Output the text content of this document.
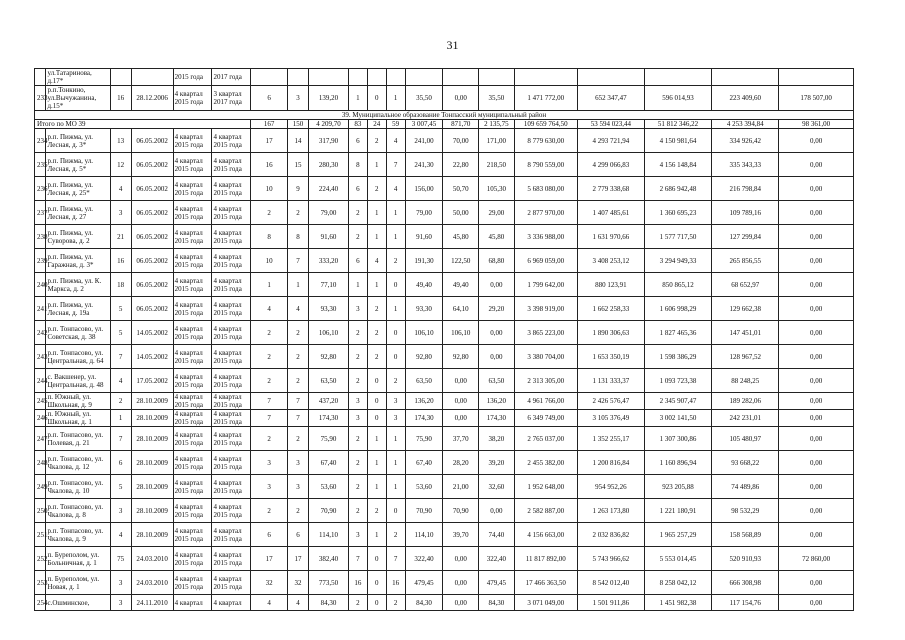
31
	ул.Татаринова, д.17*			2015 года	2017 года														
233	р.п.Тонкино, ул.Вычужанина, д.15*	16	28.12.2006	4 квартал 2015 года	3 квартал 2017 года	6	3	139,20	1	0	1	35,50	0,00	35,50	1 471 772,00	652 347,47	596 014,93	223 409,60	178 507,00
39. Муниципальное образование Тонпасский муниципальный район																			
Итого по МО 39						167	150	4 209,70	83	24	59	3 007,45	871,70	2 135,75	109 659 764,50	53 594 023,44	51 812 346,22	4 253 394,84	98 361,00
234	р.п. Пижма, ул. Лесная, д. 3*	13	06.05.2002	4 квартал 2015 года	4 квартал 2015 года	17	14	317,90	6	2	4	241,00	70,00	171,00	8 779 630,00	4 293 721,94	4 150 981,64	334 926,42	0,00
235	р.п. Пижма, ул. Лесная, д. 5*	12	06.05.2002	4 квартал 2015 года	4 квартал 2015 года	16	15	280,30	8	1	7	241,30	22,80	218,50	8 790 559,00	4 299 066,83	4 156 148,84	335 343,33	0,00
236	р.п. Пижма, ул. Лесная, д. 25*	4	06.05.2002	4 квартал 2015 года	4 квартал 2015 года	10	9	224,40	6	2	4	156,00	50,70	105,30	5 683 080,00	2 779 338,68	2 686 942,48	216 798,84	0,00
237	р.п. Пижма, ул. Лесная, д. 27	3	06.05.2002	4 квартал 2015 года	4 квартал 2015 года	2	2	79,00	2	1	1	79,00	50,00	29,00	2 877 970,00	1 407 485,61	1 360 695,23	109 789,16	0,00
238	р.п. Пижма, ул. Суворова, д. 2	21	06.05.2002	4 квартал 2015 года	4 квартал 2015 года	8	8	91,60	2	1	1	91,60	45,80	45,80	3 336 988,00	1 631 970,66	1 577 717,50	127 299,84	0,00
239	р.п. Пижма, ул. Гаражная, д. 3*	16	06.05.2002	4 квартал 2015 года	4 квартал 2015 года	10	7	333,20	6	4	2	191,30	122,50	68,80	6 969 059,00	3 408 253,12	3 294 949,33	265 856,55	0,00
240	р.п. Пижма, ул. К. Маркса, д. 2	18	06.05.2002	4 квартал 2015 года	4 квартал 2015 года	1	1	77,10	1	1	0	49,40	49,40	0,00	1 799 642,00	880 123,91	850 865,12	68 652,97	0,00
241	р.п. Пижма, ул. Лесная, д. 19а	5	06.05.2002	4 квартал 2015 года	4 квартал 2015 года	4	4	93,30	3	2	1	93,30	64,10	29,20	3 398 919,00	1 662 258,33	1 606 998,29	129 662,38	0,00
242	р.п. Тонпасово, ул. Советская, д. 38	5	14.05.2002	4 квартал 2015 года	4 квартал 2015 года	2	2	106,10	2	2	0	106,10	106,10	0,00	3 865 223,00	1 890 306,63	1 827 465,36	147 451,01	0,00
243	р.п. Тонпасово, ул. Центральная, д. 64	7	14.05.2002	4 квартал 2015 года	4 квартал 2015 года	2	2	92,80	2	2	0	92,80	92,80	0,00	3 380 704,00	1 653 350,19	1 598 386,29	128 967,52	0,00
244	с. Вакшенер, ул. Центральная, д. 48	4	17.05.2002	4 квартал 2015 года	4 квартал 2015 года	2	2	63,50	2	0	2	63,50	0,00	63,50	2 313 305,00	1 131 333,37	1 093 723,38	88 248,25	0,00
245	п. Южный, ул. Школьная, д. 9	2	28.10.2009	4 квартал 2015 года	4 квартал 2015 года	7	7	437,20	3	0	3	136,20	0,00	136,20	4 961 766,00	2 426 576,47	2 345 907,47	189 282,06	0,00
246	п. Южный, ул. Школьная, д. 1	1	28.10.2009	4 квартал 2015 года	4 квартал 2015 года	7	7	174,30	3	0	3	174,30	0,00	174,30	6 349 749,00	3 105 376,49	3 002 141,50	242 231,01	0,00
247	р.п. Тонпасово, ул. Полевая, д. 21	7	28.10.2009	4 квартал 2015 года	4 квартал 2015 года	2	2	75,90	2	1	1	75,90	37,70	38,20	2 765 037,00	1 352 255,17	1 307 300,86	105 480,97	0,00
248	р.п. Тонпасово, ул. Чкалова, д. 12	6	28.10.2009	4 квартал 2015 года	4 квартал 2015 года	3	3	67,40	2	1	1	67,40	28,20	39,20	2 455 382,00	1 200 816,84	1 160 896,94	93 668,22	0,00
249	р.п. Тонпасово, ул. Чкалова, д. 10	5	28.10.2009	4 квартал 2015 года	4 квартал 2015 года	3	3	53,60	2	1	1	53,60	21,00	32,60	1 952 648,00	954 952,26	923 205,88	74 489,86	0,00
250	р.п. Тонпасово, ул. Чкалова, д. 8	3	28.10.2009	4 квартал 2015 года	4 квартал 2015 года	2	2	70,90	2	2	0	70,90	70,90	0,00	2 582 887,00	1 263 173,80	1 221 180,91	98 532,29	0,00
251	р.п. Тонпасово, ул. Чкалова, д. 9	4	28.10.2009	4 квартал 2015 года	4 квартал 2015 года	6	6	114,10	3	1	2	114,10	39,70	74,40	4 156 663,00	2 032 836,82	1 965 257,29	158 568,89	0,00
252	п. Буреполом, ул. Больничная, д. 1	75	24.03.2010	4 квартал 2015 года	4 квартал 2015 года	17	17	382,40	7	0	7	322,40	0,00	322,40	11 817 892,00	5 743 966,62	5 553 014,45	520 910,93	72 860,00
253	п. Буреполом, ул. Новая, д. 1	3	24.03.2010	4 квартал 2015 года	4 квартал 2015 года	32	32	773,50	16	0	16	479,45	0,00	479,45	17 466 363,50	8 542 012,40	8 258 042,12	666 308,98	0,00
254	с.Ошминское,	3	24.11.2010	4 квартал	4 квартал	4	4	84,30	2	0	2	84,30	0,00	84,30	3 071 049,00	1 501 911,86	1 451 982,38	117 154,76	0,00
